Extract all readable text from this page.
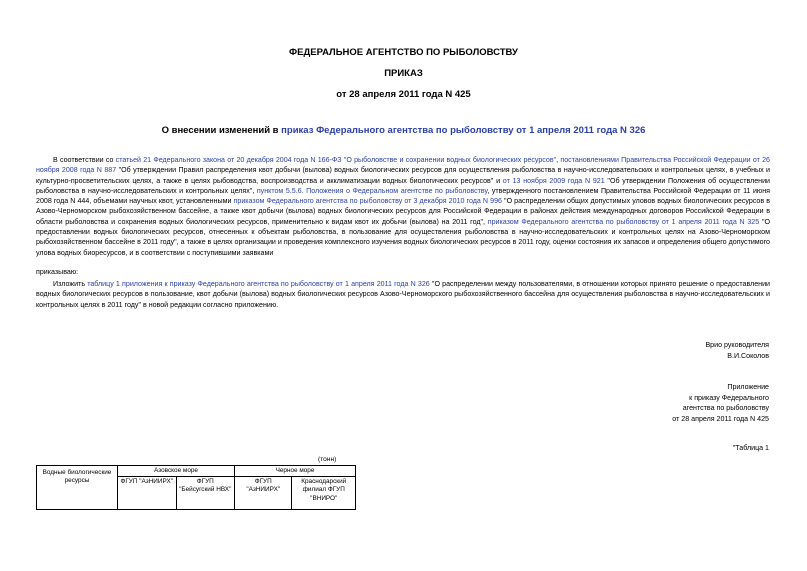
ФЕДЕРАЛЬНОЕ АГЕНТСТВО ПО РЫБОЛОВСТВУ
ПРИКАЗ
от 28 апреля 2011 года N 425
О внесении изменений в приказ Федерального агентства по рыболовству от 1 апреля 2011 года N 326
В соответствии со статьей 21 Федерального закона от 20 декабря 2004 года N 166-ФЗ "О рыболовстве и сохранении водных биологических ресурсов", постановлениями Правительства Российской Федерации от 26 ноября 2008 года N 887 "Об утверждении Правил распределения квот добычи (вылова) водных биологических ресурсов для осуществления рыболовства в научно-исследовательских и контрольных целях, в учебных и культурно-просветительских целях, а также в целях рыбоводства, воспроизводства и акклиматизации водных биологических ресурсов" и от 13 ноября 2009 года N 921 "Об утверждении Положения об осуществлении рыболовства в научно-исследовательских и контрольных целях", пунктом 5.5.6. Положения о Федеральном агентстве по рыболовству, утвержденного постановлением Правительства Российской Федерации от 11 июня 2008 года N 444, объемами научных квот, установленными приказом Федерального агентства по рыболовству от 3 декабря 2010 года N 996 "О распределении общих допустимых уловов водных биологических ресурсов в Азово-Черноморском рыбохозяйственном бассейне, а также квот добычи (вылова) водных биологических ресурсов для Российской Федерации в районах действия международных договоров Российской Федерации в области рыболовства и сохранения водных биологических ресурсов, применительно к видам квот их добычи (вылова) на 2011 год", приказом Федерального агентства по рыболовству от 1 апреля 2011 года N 325 "О предоставлении водных биологических ресурсов, отнесенных к объектам рыболовства, в пользование для осуществления рыболовства в научно-исследовательских и контрольных целях на Азово-Черноморском рыбохозяйственном бассейне в 2011 году", а также в целях организации и проведения комплексного изучения водных биологических ресурсов в 2011 году, оценки состояния их запасов и определения общего допустимого улова водных биоресурсов, и в соответствии с поступившими заявками
приказываю:
Изложить таблицу 1 приложения к приказу Федерального агентства по рыболовству от 1 апреля 2011 года N 326 "О распределении между пользователями, в отношении которых принято решение о предоставлении водных биологических ресурсов в пользование, квот добычи (вылова) водных биологических ресурсов Азово-Черноморского рыбохозяйственного бассейна для осуществления рыболовства в научно-исследовательских и контрольных целях в 2011 году" в новой редакции согласно приложению.
Врио руководителя
В.И.Соколов
Приложение
к приказу Федерального
агентства по рыболовству
от 28 апреля 2011 года N 425
"Таблица 1
(тонн)
Водные биологические ресурсы	Азовское море		Черное море	
	ФГУП "АзНИИРХ"	ФГУП "Бейсугский НВХ"	ФГУП "АзНИИРХ"	Краснодарский филиал ФГУП "ВНИРО"
